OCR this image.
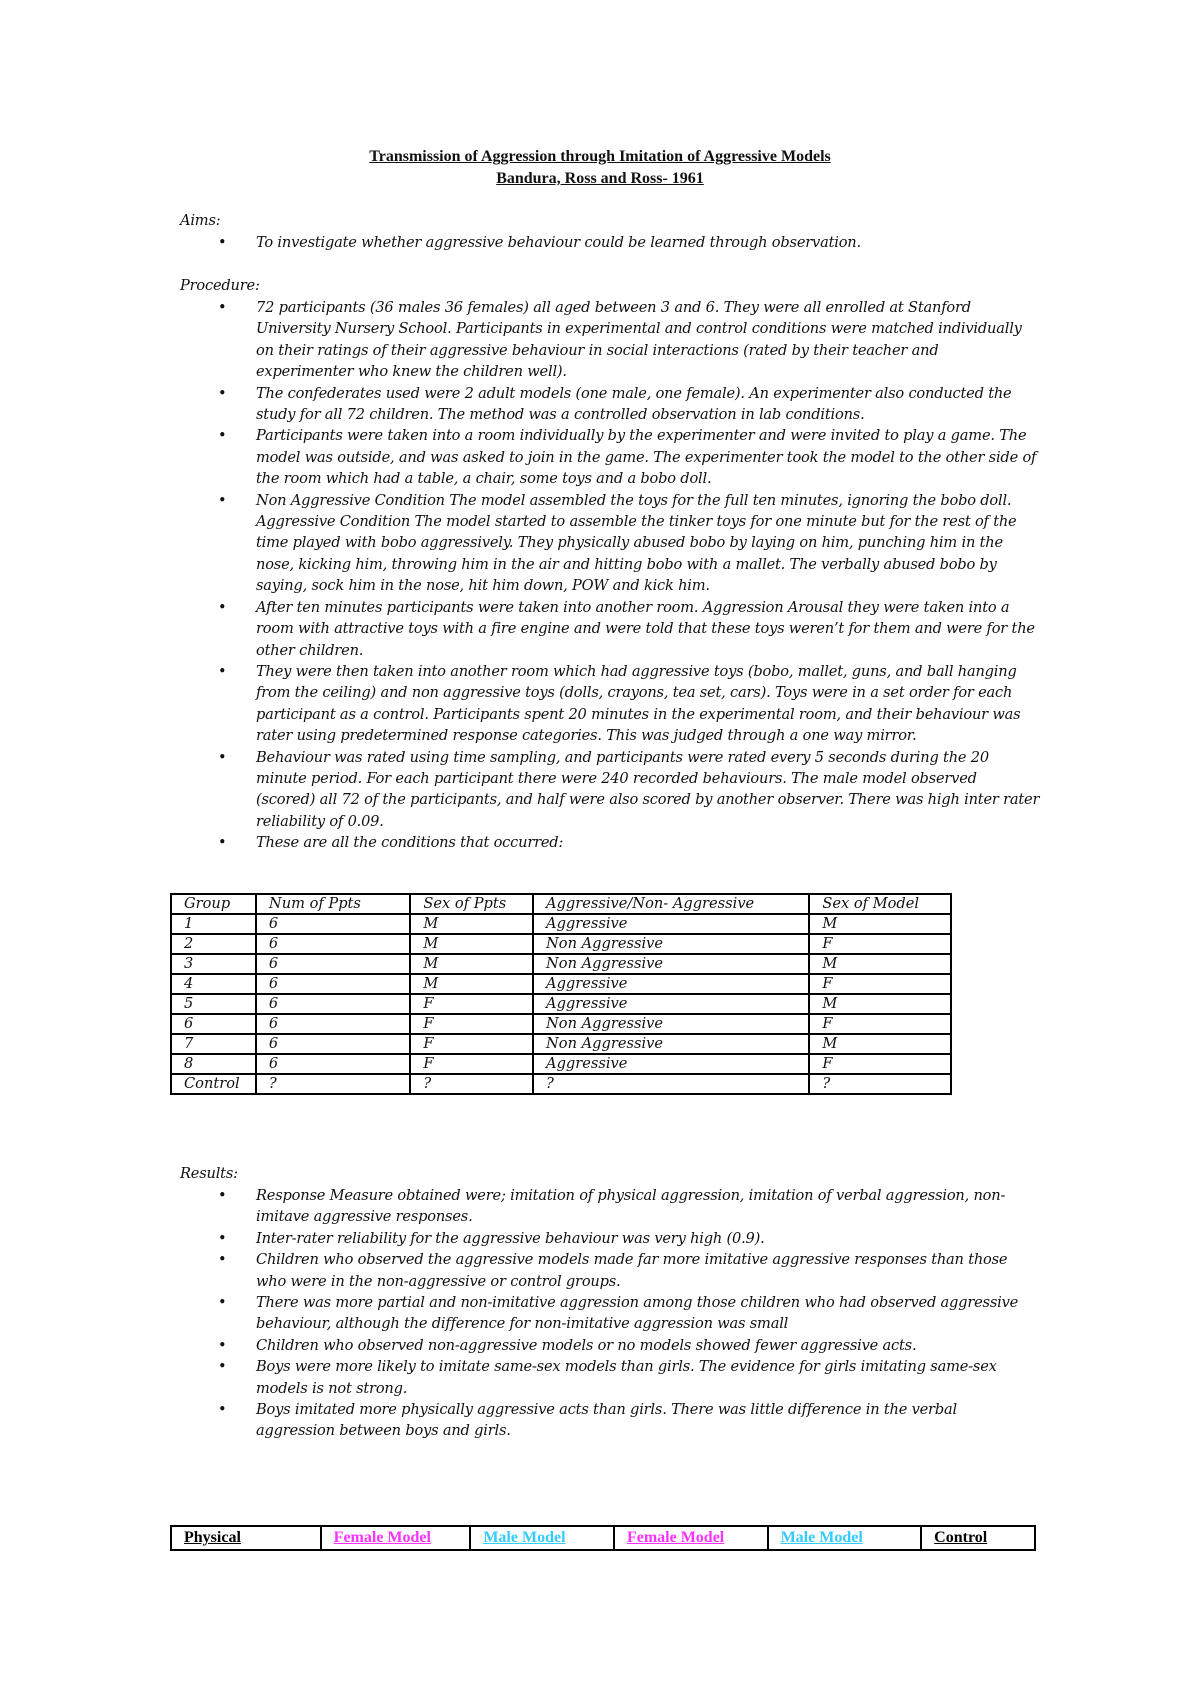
Transmission of Aggression through Imitation of Aggressive Models
Bandura, Ross and Ross- 1961
Aims:
• To investigate whether aggressive behaviour could be learned through observation.
Procedure:
• 72 participants (36 males 36 females) all aged between 3 and 6. They were all enrolled at Stanford University Nursery School. Participants in experimental and control conditions were matched individually on their ratings of their aggressive behaviour in social interactions (rated by their teacher and experimenter who knew the children well).
• The confederates used were 2 adult models (one male, one female). An experimenter also conducted the study for all 72 children. The method was a controlled observation in lab conditions.
• Participants were taken into a room individually by the experimenter and were invited to play a game. The model was outside, and was asked to join in the game. The experimenter took the model to the other side of the room which had a table, a chair, some toys and a bobo doll.
• Non Aggressive Condition The model assembled the toys for the full ten minutes, ignoring the bobo doll. Aggressive Condition The model started to assemble the tinker toys for one minute but for the rest of the time played with bobo aggressively. They physically abused bobo by laying on him, punching him in the nose, kicking him, throwing him in the air and hitting bobo with a mallet. The verbally abused bobo by saying, sock him in the nose, hit him down, POW and kick him.
• After ten minutes participants were taken into another room. Aggression Arousal they were taken into a room with attractive toys with a fire engine and were told that these toys weren’t for them and were for the other children.
• They were then taken into another room which had aggressive toys (bobo, mallet, guns, and ball hanging from the ceiling) and non aggressive toys (dolls, crayons, tea set, cars). Toys were in a set order for each participant as a control. Participants spent 20 minutes in the experimental room, and their behaviour was rater using predetermined response categories. This was judged through a one way mirror.
• Behaviour was rated using time sampling, and participants were rated every 5 seconds during the 20 minute period. For each participant there were 240 recorded behaviours. The male model observed (scored) all 72 of the participants, and half were also scored by another observer. There was high inter rater reliability of 0.09.
• These are all the conditions that occurred:
Group	Num of Ppts	Sex of Ppts	Aggressive/Non- Aggressive	Sex of Model
1	6	M	Aggressive	M
2	6	M	Non Aggressive	F
3	6	M	Non Aggressive	M
4	6	M	Aggressive	F
5	6	F	Aggressive	M
6	6	F	Non Aggressive	F
7	6	F	Non Aggressive	M
8	6	F	Aggressive	F
Control	?	?	?	?
Results:
• Response Measure obtained were; imitation of physical aggression, imitation of verbal aggression, non-imitave aggressive responses.
• Inter-rater reliability for the aggressive behaviour was very high (0.9).
• Children who observed the aggressive models made far more imitative aggressive responses than those who were in the non-aggressive or control groups.
• There was more partial and non-imitative aggression among those children who had observed aggressive behaviour, although the difference for non-imitative aggression was small
• Children who observed non-aggressive models or no models showed fewer aggressive acts.
• Boys were more likely to imitate same-sex models than girls. The evidence for girls imitating same-sex models is not strong.
• Boys imitated more physically aggressive acts than girls. There was little difference in the verbal aggression between boys and girls.
Physical	Female Model	Male Model	Female Model	Male Model	Control
